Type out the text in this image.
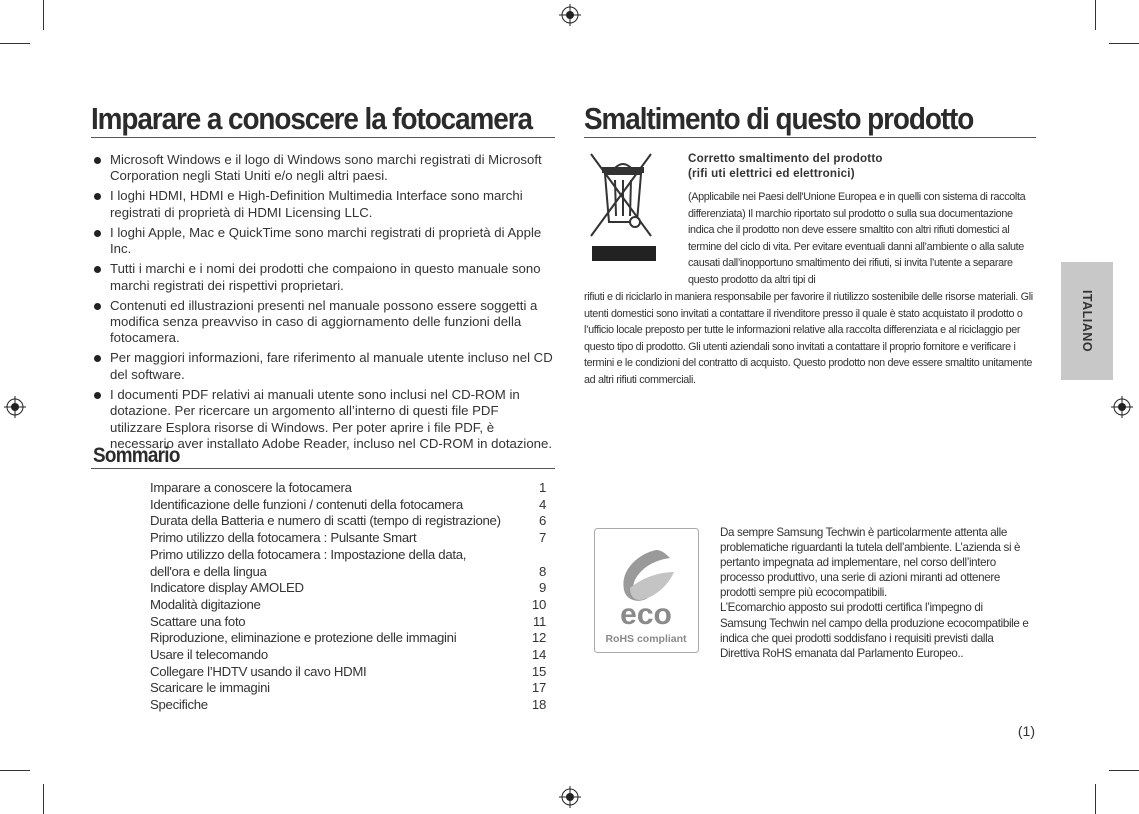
Imparare a conoscere la fotocamera
Microsoft Windows e il logo di Windows sono marchi registrati di Microsoft Corporation negli Stati Uniti e/o negli altri paesi.
I loghi HDMI, HDMI e High-Definition Multimedia Interface sono marchi registrati di proprietà di HDMI Licensing LLC.
I loghi Apple, Mac e QuickTime sono marchi registrati di proprietà di Apple Inc.
Tutti i marchi e i nomi dei prodotti che compaiono in questo manuale sono marchi registrati dei rispettivi proprietari.
Contenuti ed illustrazioni presenti nel manuale possono essere soggetti a modifica senza preavviso in caso di aggiornamento delle funzioni della fotocamera.
Per maggiori informazioni, fare riferimento al manuale utente incluso nel CD del software.
I documenti PDF relativi ai manuali utente sono inclusi nel CD-ROM in dotazione. Per ricercare un argomento all’interno di questi file PDF utilizzare Esplora risorse di Windows. Per poter aprire i file PDF, è necessario aver installato Adobe Reader, incluso nel CD-ROM in dotazione.
Sommario
Imparare a conoscere la fotocamera	1
Identificazione delle funzioni / contenuti della fotocamera	4
Durata della Batteria e numero di scatti (tempo di registrazione)	6
Primo utilizzo della fotocamera : Pulsante Smart	7
Primo utilizzo della fotocamera : Impostazione della data,
dell'ora e della lingua	8
Indicatore display AMOLED	9
Modalità digitazione	10
Scattare una foto	11
Riproduzione, eliminazione e protezione delle immagini	12
Usare il telecomando	14
Collegare l’HDTV usando il cavo HDMI	15
Scaricare le immagini	17
Specifiche	18
Smaltimento di questo prodotto
Corretto smaltimento del prodotto
(rifi uti elettrici ed elettronici)
(Applicabile nei Paesi dell'Unione Europea e in quelli con sistema di raccolta differenziata) Il marchio riportato sul prodotto o sulla sua documentazione indica che il prodotto non deve essere smaltito con altri rifiuti domestici al termine del ciclo di vita. Per evitare eventuali danni all’ambiente o alla salute causati dall’inopportuno smaltimento dei rifiuti, si invita l’utente a separare questo prodotto da altri tipi di
rifiuti e di riciclarlo in maniera responsabile per favorire il riutilizzo sostenibile delle risorse materiali. Gli utenti domestici sono invitati a contattare il rivenditore presso il quale è stato acquistato il prodotto o l’ufficio locale preposto per tutte le informazioni relative alla raccolta differenziata e al riciclaggio per questo tipo di prodotto. Gli utenti aziendali sono invitati a contattare il proprio fornitore e verificare i termini e le condizioni del contratto di acquisto. Questo prodotto non deve essere smaltito unitamente ad altri rifiuti commerciali.
eco
RoHS compliant
Da sempre Samsung Techwin è particolarmente attenta alle problematiche riguardanti la tutela dell’ambiente. L’azienda si è pertanto impegnata ad implementare, nel corso dell’intero processo produttivo, una serie di azioni miranti ad ottenere prodotti sempre più ecocompatibili.
L’Ecomarchio apposto sui prodotti certifica l’impegno di Samsung Techwin nel campo della produzione ecocompatibile e indica che quei prodotti soddisfano i requisiti previsti dalla Direttiva RoHS emanata dal Parlamento Europeo..
ITALIANO
(1)
